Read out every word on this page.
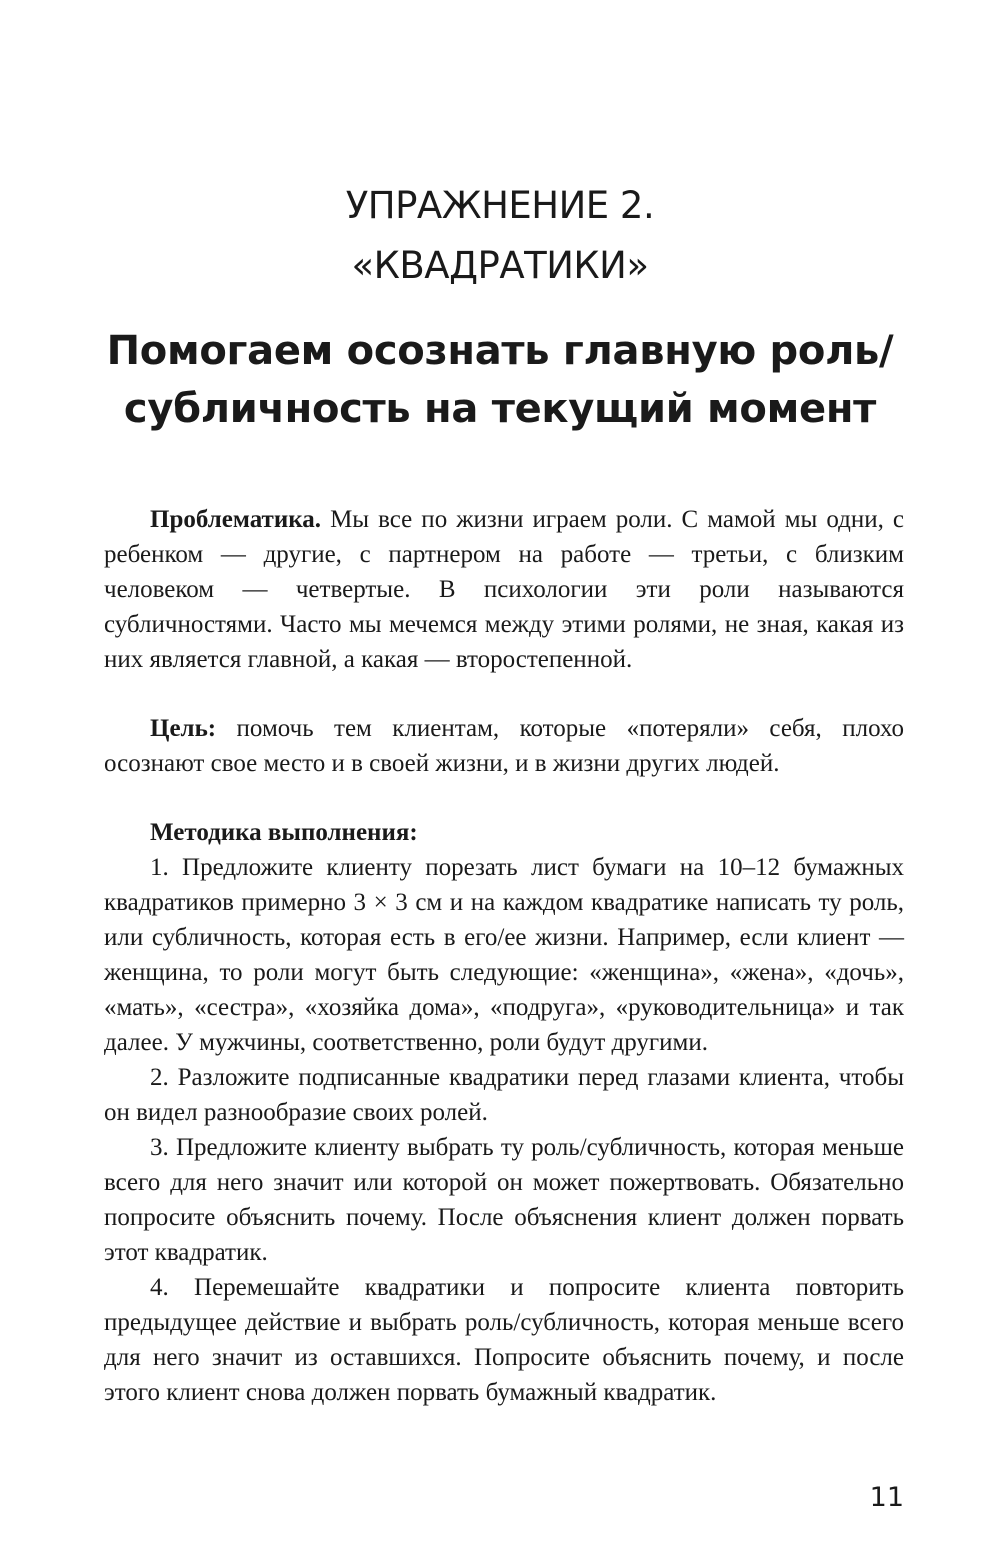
УПРАЖНЕНИЕ 2.
«КВАДРАТИКИ»
Помогаем осознать главную роль/
субличность на текущий момент

Проблематика. Мы все по жизни играем роли. С мамой мы одни, с ребенком — другие, с партнером на работе — третьи, с близким человеком — четвертые. В психологии эти роли называются субличностями. Часто мы мечемся между этими ролями, не зная, какая из них является главной, а какая — второстепенной.

Цель: помочь тем клиентам, которые «потеряли» себя, плохо осознают свое место и в своей жизни, и в жизни других людей.

Методика выполнения:

1. Предложите клиенту порезать лист бумаги на 10–12 бумажных квадратиков примерно 3 × 3 см и на каждом квадратике написать ту роль, или субличность, которая есть в его/ее жизни. Например, если клиент — женщина, то роли могут быть следующие: «женщина», «жена», «дочь», «мать», «сестра», «хозяйка дома», «подруга», «руководительница» и так далее. У мужчины, соответственно, роли будут другими.

2. Разложите подписанные квадратики перед глазами клиента, чтобы он видел разнообразие своих ролей.

3. Предложите клиенту выбрать ту роль/субличность, которая меньше всего для него значит или которой он может пожертвовать. Обязательно попросите объяснить почему. После объяснения клиент должен порвать этот квадратик.

4. Перемешайте квадратики и попросите клиента повторить предыдущее действие и выбрать роль/субличность, которая меньше всего для него значит из оставшихся. Попросите объяснить почему, и после этого клиент снова должен порвать бумажный квадратик.

11
